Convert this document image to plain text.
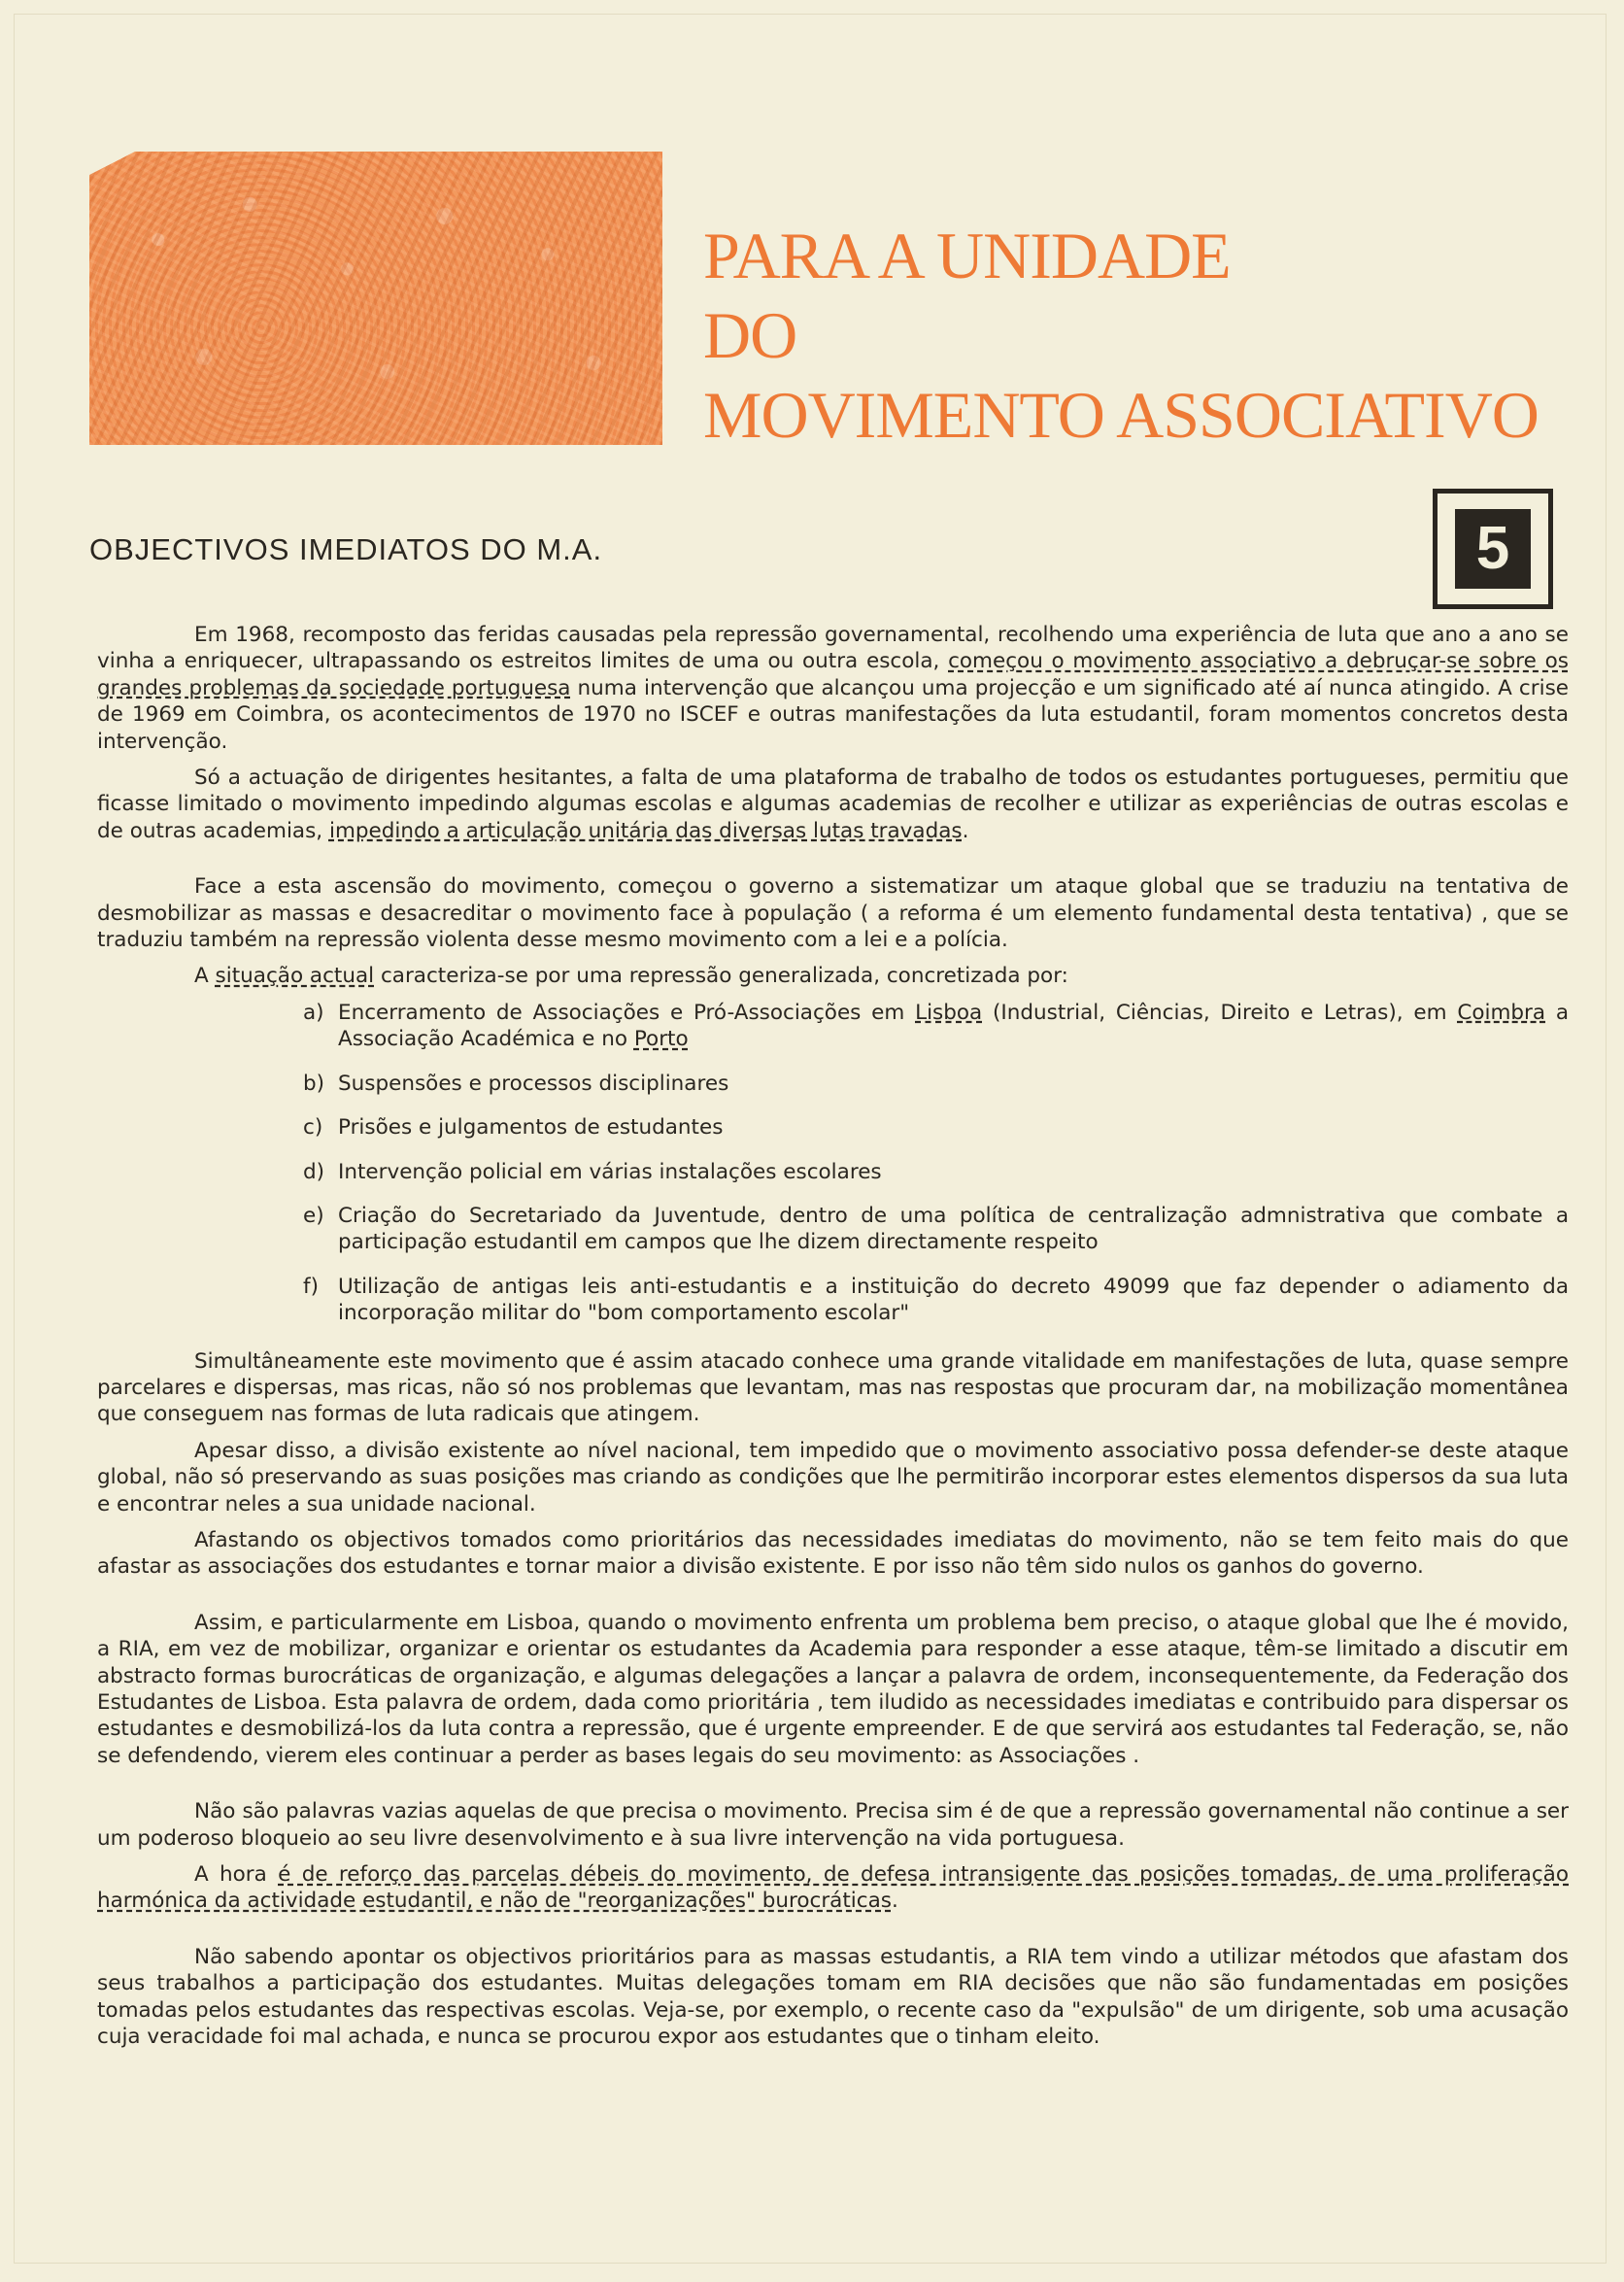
PARA A UNIDADE
DO
MOVIMENTO ASSOCIATIVO
OBJECTIVOS IMEDIATOS DO M.A.	5

Em 1968, recomposto das feridas causadas pela repressão governamental, recolhendo uma experiência de luta que ano a ano se vinha a enriquecer, ultrapassando os estreitos limites de uma ou outra escola, começou o movimento associativo a debruçar-se sobre os grandes problemas da sociedade portuguesa numa intervenção que alcançou uma projecção e um significado até aí nunca atingido. A crise de 1969 em Coimbra, os acontecimentos de 1970 no ISCEF e outras manifestações da luta estudantil, foram momentos concretos desta intervenção.

Só a actuação de dirigentes hesitantes, a falta de uma plataforma de trabalho de todos os estudantes portugueses, permitiu que ficasse limitado o movimento impedindo algumas escolas e algumas academias de recolher e utilizar as experiências de outras escolas e de outras academias, impedindo a articulação unitária das diversas lutas travadas.

Face a esta ascensão do movimento, começou o governo a sistematizar um ataque global que se traduziu na tentativa de desmobilizar as massas e desacreditar o movimento face à população ( a reforma é um elemento fundamental desta tentativa) , que se traduziu também na repressão violenta desse mesmo movimento com a lei e a polícia.

A situação actual caracteriza-se por uma repressão generalizada, concretizada por:

a) Encerramento de Associações e Pró-Associações em Lisboa (Industrial, Ciências, Direito e Letras), em Coimbra a Associação Académica e no Porto
b) Suspensões e processos disciplinares
c) Prisões e julgamentos de estudantes
d) Intervenção policial em várias instalações escolares
e) Criação do Secretariado da Juventude, dentro de uma política de centralização admnistrativa que combate a participação estudantil em campos que lhe dizem directamente respeito
f) Utilização de antigas leis anti-estudantis e a instituição do decreto 49099 que faz depender o adiamento da incorporação militar do "bom comportamento escolar"

Simultâneamente este movimento que é assim atacado conhece uma grande vitalidade em manifestações de luta, quase sempre parcelares e dispersas, mas ricas, não só nos problemas que levantam, mas nas respostas que procuram dar, na mobilização momentânea que conseguem nas formas de luta radicais que atingem.

Apesar disso, a divisão existente ao nível nacional, tem impedido que o movimento associativo possa defender-se deste ataque global, não só preservando as suas posições mas criando as condições que lhe permitirão incorporar estes elementos dispersos da sua luta e encontrar neles a sua unidade nacional.

Afastando os objectivos tomados como prioritários das necessidades imediatas do movimento, não se tem feito mais do que afastar as associações dos estudantes e tornar maior a divisão existente. E por isso não têm sido nulos os ganhos do governo.

Assim, e particularmente em Lisboa, quando o movimento enfrenta um problema bem preciso, o ataque global que lhe é movido, a RIA, em vez de mobilizar, organizar e orientar os estudantes da Academia para responder a esse ataque, têm-se limitado a discutir em abstracto formas burocráticas de organização, e algumas delegações a lançar a palavra de ordem, inconsequentemente, da Federação dos Estudantes de Lisboa. Esta palavra de ordem, dada como prioritária , tem iludido as necessidades imediatas e contribuido para dispersar os estudantes e desmobilizá-los da luta contra a repressão, que é urgente empreender. E de que servirá aos estudantes tal Federação, se, não se defendendo, vierem eles continuar a perder as bases legais do seu movimento: as Associações .

Não são palavras vazias aquelas de que precisa o movimento. Precisa sim é de que a repressão governamental não continue a ser um poderoso bloqueio ao seu livre desenvolvimento e à sua livre intervenção na vida portuguesa.

A hora é de reforço das parcelas débeis do movimento, de defesa intransigente das posições tomadas, de uma proliferação harmónica da actividade estudantil, e não de "reorganizações" burocráticas.

Não sabendo apontar os objectivos prioritários para as massas estudantis, a RIA tem vindo a utilizar métodos que afastam dos seus trabalhos a participação dos estudantes. Muitas delegações tomam em RIA decisões que não são fundamentadas em posições tomadas pelos estudantes das respectivas escolas. Veja-se, por exemplo, o recente caso da "expulsão" de um dirigente, sob uma acusação cuja veracidade foi mal achada, e nunca se procurou expor aos estudantes que o tinham eleito.
